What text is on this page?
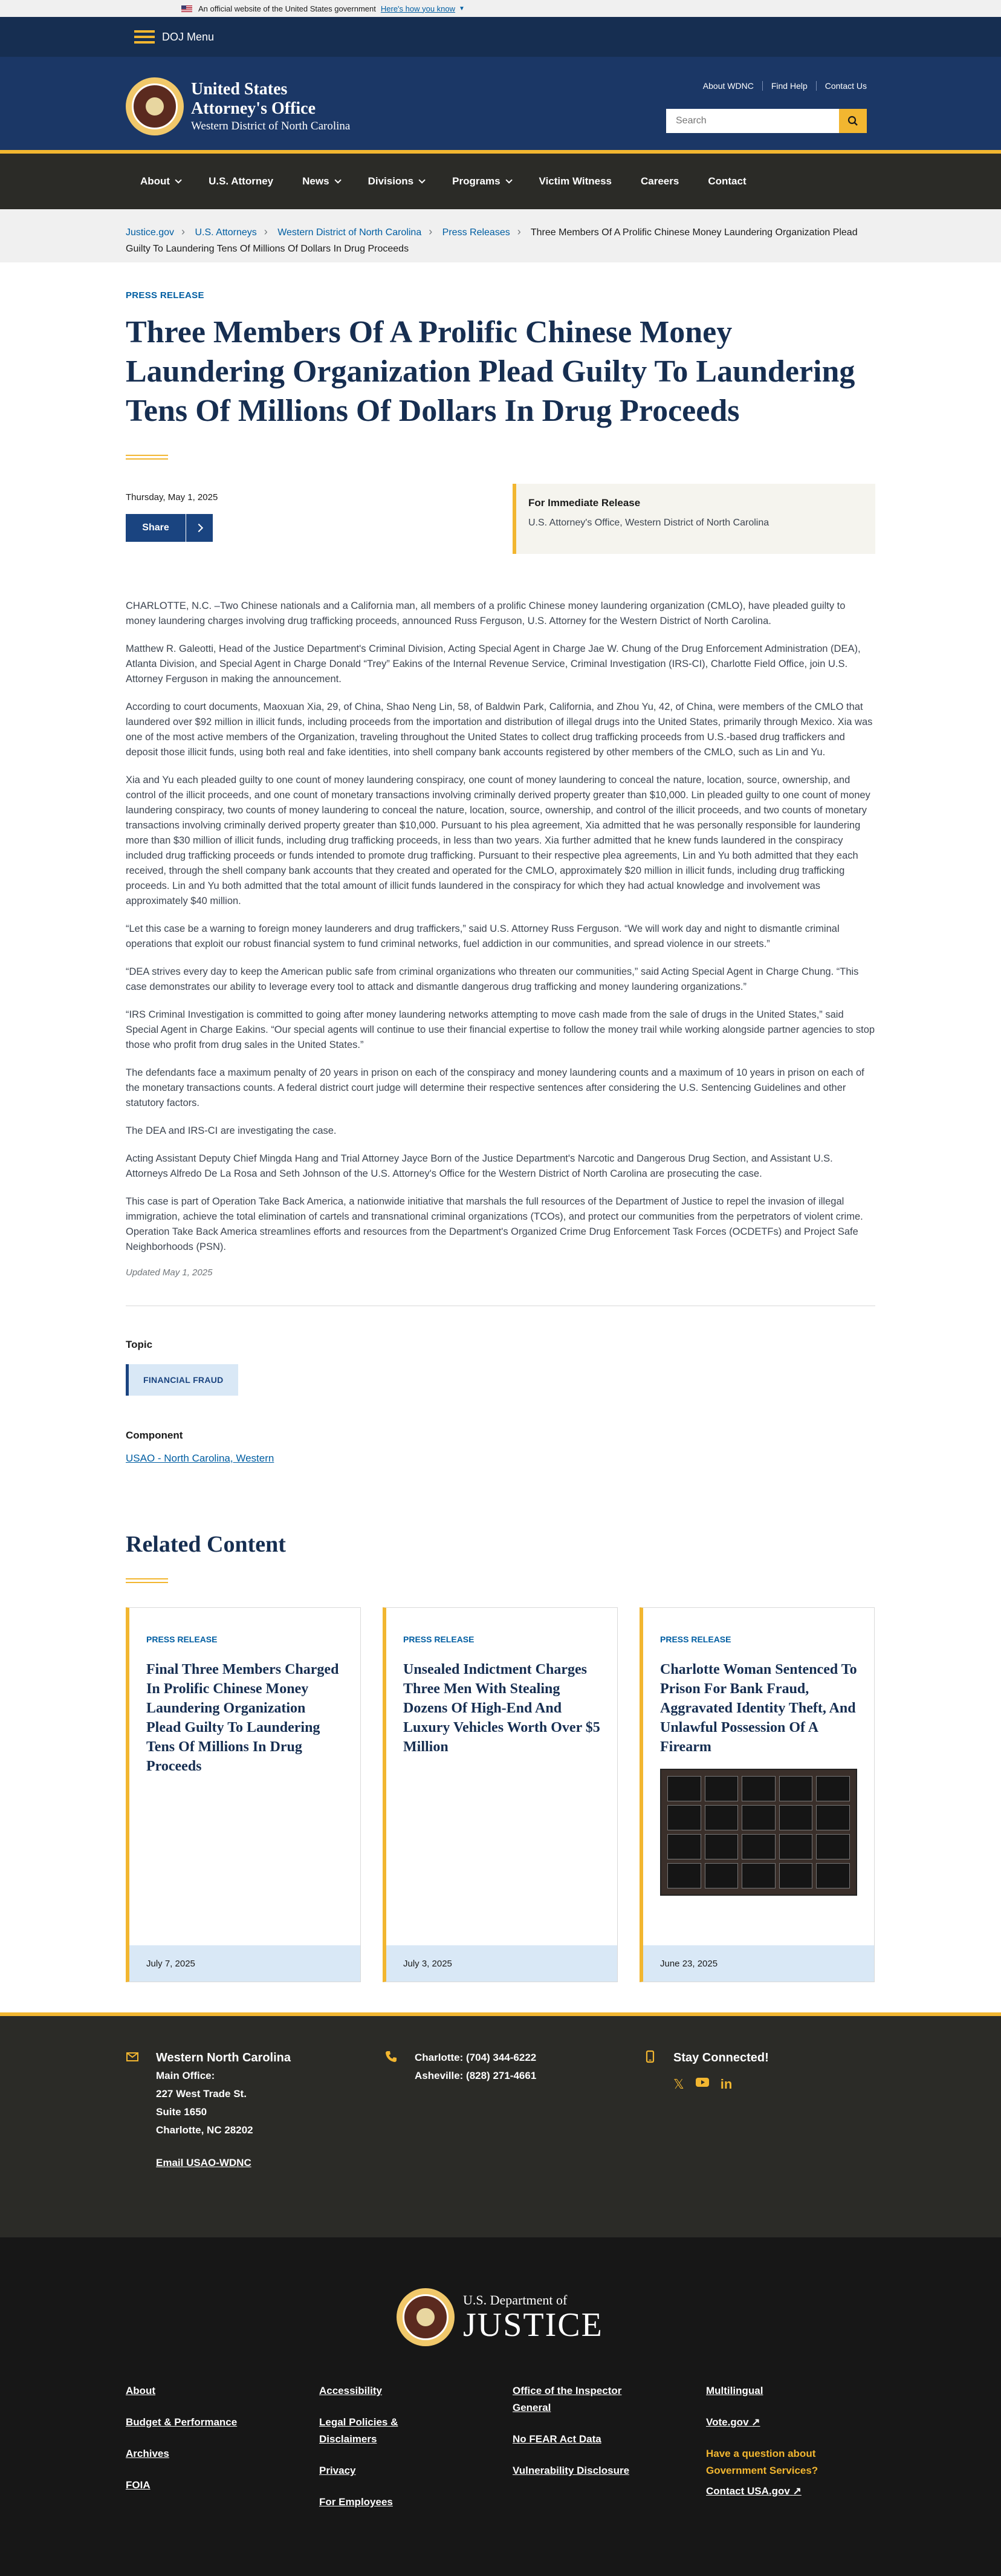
An official website of the United States government Here's how you know ▼
DOJ Menu
United States
Attorney's Office
Western District of North Carolina
About WDNC	Find Help	Contact Us
Search
About	U.S. Attorney	News	Divisions	Programs	Victim Witness	Careers	Contact
Justice.gov › U.S. Attorneys › Western District of North Carolina › Press Releases › Three Members Of A Prolific Chinese Money Laundering Organization Plead Guilty To Laundering Tens Of Millions Of Dollars In Drug Proceeds
PRESS RELEASE
Three Members Of A Prolific Chinese Money Laundering Organization Plead Guilty To Laundering Tens Of Millions Of Dollars In Drug Proceeds
Thursday, May 1, 2025
Share
For Immediate Release
U.S. Attorney's Office, Western District of North Carolina

CHARLOTTE, N.C. –Two Chinese nationals and a California man, all members of a prolific Chinese money laundering organization (CMLO), have pleaded guilty to money laundering charges involving drug trafficking proceeds, announced Russ Ferguson, U.S. Attorney for the Western District of North Carolina.

Matthew R. Galeotti, Head of the Justice Department's Criminal Division, Acting Special Agent in Charge Jae W. Chung of the Drug Enforcement Administration (DEA), Atlanta Division, and Special Agent in Charge Donald “Trey” Eakins of the Internal Revenue Service, Criminal Investigation (IRS-CI), Charlotte Field Office, join U.S. Attorney Ferguson in making the announcement.

According to court documents, Maoxuan Xia, 29, of China, Shao Neng Lin, 58, of Baldwin Park, California, and Zhou Yu, 42, of China, were members of the CMLO that laundered over $92 million in illicit funds, including proceeds from the importation and distribution of illegal drugs into the United States, primarily through Mexico. Xia was one of the most active members of the Organization, traveling throughout the United States to collect drug trafficking proceeds from U.S.-based drug traffickers and deposit those illicit funds, using both real and fake identities, into shell company bank accounts registered by other members of the CMLO, such as Lin and Yu.

Xia and Yu each pleaded guilty to one count of money laundering conspiracy, one count of money laundering to conceal the nature, location, source, ownership, and control of the illicit proceeds, and one count of monetary transactions involving criminally derived property greater than $10,000. Lin pleaded guilty to one count of money laundering conspiracy, two counts of money laundering to conceal the nature, location, source, ownership, and control of the illicit proceeds, and two counts of monetary transactions involving criminally derived property greater than $10,000. Pursuant to his plea agreement, Xia admitted that he was personally responsible for laundering more than $30 million of illicit funds, including drug trafficking proceeds, in less than two years. Xia further admitted that he knew funds laundered in the conspiracy included drug trafficking proceeds or funds intended to promote drug trafficking. Pursuant to their respective plea agreements, Lin and Yu both admitted that they each received, through the shell company bank accounts that they created and operated for the CMLO, approximately $20 million in illicit funds, including drug trafficking proceeds. Lin and Yu both admitted that the total amount of illicit funds laundered in the conspiracy for which they had actual knowledge and involvement was approximately $40 million.

“Let this case be a warning to foreign money launderers and drug traffickers,” said U.S. Attorney Russ Ferguson. “We will work day and night to dismantle criminal operations that exploit our robust financial system to fund criminal networks, fuel addiction in our communities, and spread violence in our streets.”

“DEA strives every day to keep the American public safe from criminal organizations who threaten our communities,” said Acting Special Agent in Charge Chung. “This case demonstrates our ability to leverage every tool to attack and dismantle dangerous drug trafficking and money laundering organizations.”

“IRS Criminal Investigation is committed to going after money laundering networks attempting to move cash made from the sale of drugs in the United States,” said Special Agent in Charge Eakins. “Our special agents will continue to use their financial expertise to follow the money trail while working alongside partner agencies to stop those who profit from drug sales in the United States.”

The defendants face a maximum penalty of 20 years in prison on each of the conspiracy and money laundering counts and a maximum of 10 years in prison on each of the monetary transactions counts. A federal district court judge will determine their respective sentences after considering the U.S. Sentencing Guidelines and other statutory factors.

The DEA and IRS-CI are investigating the case.

Acting Assistant Deputy Chief Mingda Hang and Trial Attorney Jayce Born of the Justice Department's Narcotic and Dangerous Drug Section, and Assistant U.S. Attorneys Alfredo De La Rosa and Seth Johnson of the U.S. Attorney's Office for the Western District of North Carolina are prosecuting the case.

This case is part of Operation Take Back America, a nationwide initiative that marshals the full resources of the Department of Justice to repel the invasion of illegal immigration, achieve the total elimination of cartels and transnational criminal organizations (TCOs), and protect our communities from the perpetrators of violent crime. Operation Take Back America streamlines efforts and resources from the Department's Organized Crime Drug Enforcement Task Forces (OCDETFs) and Project Safe Neighborhoods (PSN).

Updated May 1, 2025
Topic
FINANCIAL FRAUD
Component
USAO - North Carolina, Western
Related Content
PRESS RELEASE
Final Three Members Charged In Prolific Chinese Money Laundering Organization Plead Guilty To Laundering Tens Of Millions In Drug Proceeds
July 7, 2025
PRESS RELEASE
Unsealed Indictment Charges Three Men With Stealing Dozens Of High-End And Luxury Vehicles Worth Over $5 Million
July 3, 2025
PRESS RELEASE
Charlotte Woman Sentenced To Prison For Bank Fraud, Aggravated Identity Theft, And Unlawful Possession Of A Firearm
June 23, 2025
Western North Carolina
Main Office:
227 West Trade St.
Suite 1650
Charlotte, NC 28202
Email USAO-WDNC
Charlotte: (704) 344-6222
Asheville: (828) 271-4661
Stay Connected!
𝕏	in
U.S. Department of
JUSTICE
About
Budget & Performance
Archives
FOIA
Accessibility
Legal Policies & Disclaimers
Privacy
For Employees
Office of the Inspector General
No FEAR Act Data
Vulnerability Disclosure
Multilingual
Vote.gov ↗
Have a question about Government Services?
Contact USA.gov ↗
